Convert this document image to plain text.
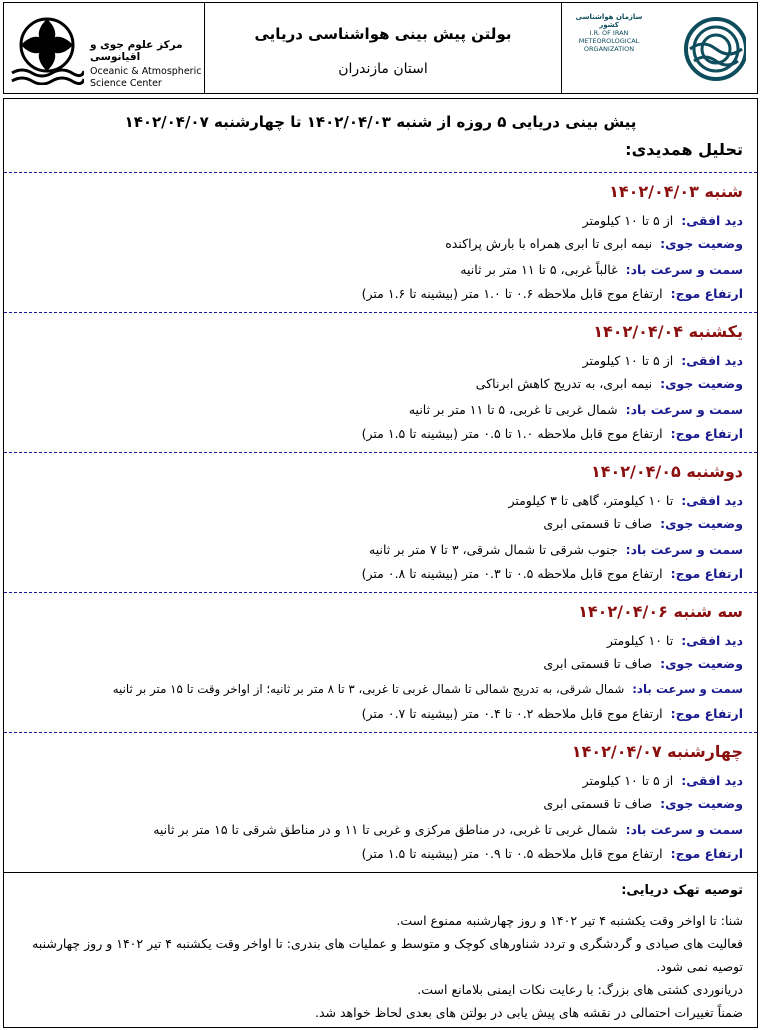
مرکز علوم جوی و اقیانوسی
Oceanic & Atmospheric
Science Center
بولتن پیش بینی هواشناسی دریایی
استان مازندران
سازمان هواشناسی کشور
I.R. OF IRAN
METEOROLOGICAL
ORGANIZATION
پیش بینی دریایی ۵ روزه از شنبه ۱۴۰۲/۰۴/۰۳ تا چهارشنبه ۱۴۰۲/۰۴/۰۷
تحلیل همدیدی:
شنبه ۱۴۰۲/۰۴/۰۳
دید افقی:از ۵ تا ۱۰ کیلومتر
وضعیت جوی:نیمه ابری تا ابری همراه با بارش پراکنده
سمت و سرعت باد:غالباً غربی، ۵ تا ۱۱ متر بر ثانیه
ارتفاع موج:ارتفاع موج قابل ملاحظه ۰.۶ تا ۱.۰ متر (بیشینه تا ۱.۶ متر)
یکشنبه ۱۴۰۲/۰۴/۰۴
دید افقی:از ۵ تا ۱۰ کیلومتر
وضعیت جوی:نیمه ابری، به تدریج کاهش ابرناکی
سمت و سرعت باد:شمال غربی تا غربی، ۵ تا ۱۱ متر بر ثانیه
ارتفاع موج:ارتفاع موج قابل ملاحظه ۱.۰ تا ۰.۵ متر (بیشینه تا ۱.۵ متر)
دوشنبه ۱۴۰۲/۰۴/۰۵
دید افقی:تا ۱۰ کیلومتر، گاهی تا ۳ کیلومتر
وضعیت جوی:صاف تا قسمتی ابری
سمت و سرعت باد:جنوب شرقی تا شمال شرقی، ۳ تا ۷ متر بر ثانیه
ارتفاع موج:ارتفاع موج قابل ملاحظه ۰.۵ تا ۰.۳ متر (بیشینه تا ۰.۸ متر)
سه شنبه ۱۴۰۲/۰۴/۰۶
دید افقی:تا ۱۰ کیلومتر
وضعیت جوی:صاف تا قسمتی ابری
سمت و سرعت باد:شمال شرقی، به تدریج شمالی تا شمال غربی تا غربی، ۳ تا ۸ متر بر ثانیه؛ از اواخر وقت تا ۱۵ متر بر ثانیه
ارتفاع موج:ارتفاع موج قابل ملاحظه ۰.۲ تا ۰.۴ متر (بیشینه تا ۰.۷ متر)
چهارشنبه ۱۴۰۲/۰۴/۰۷
دید افقی:از ۵ تا ۱۰ کیلومتر
وضعیت جوی:صاف تا قسمتی ابری
سمت و سرعت باد:شمال غربی تا غربی، در مناطق مرکزی و غربی تا ۱۱ و در مناطق شرقی تا ۱۵ متر بر ثانیه
ارتفاع موج:ارتفاع موج قابل ملاحظه ۰.۵ تا ۰.۹ متر (بیشینه تا ۱.۵ متر)
توصیه تهک دریایی:

شنا: تا اواخر وقت یکشنبه ۴ تیر ۱۴۰۲ و روز چهارشنبه ممنوع است.

فعالیت های صیادی و گردشگری و تردد شناورهای کوچک و متوسط و عملیات های بندری: تا اواخر وقت یکشنبه ۴ تیر ۱۴۰۲ و روز چهارشنبه توصیه نمی شود.

دریانوردی کشتی های بزرگ: با رعایت نکات ایمنی بلامانع است.

ضمناً تغییرات احتمالی در نقشه های پیش یابی در بولتن های بعدی لحاظ خواهد شد.
